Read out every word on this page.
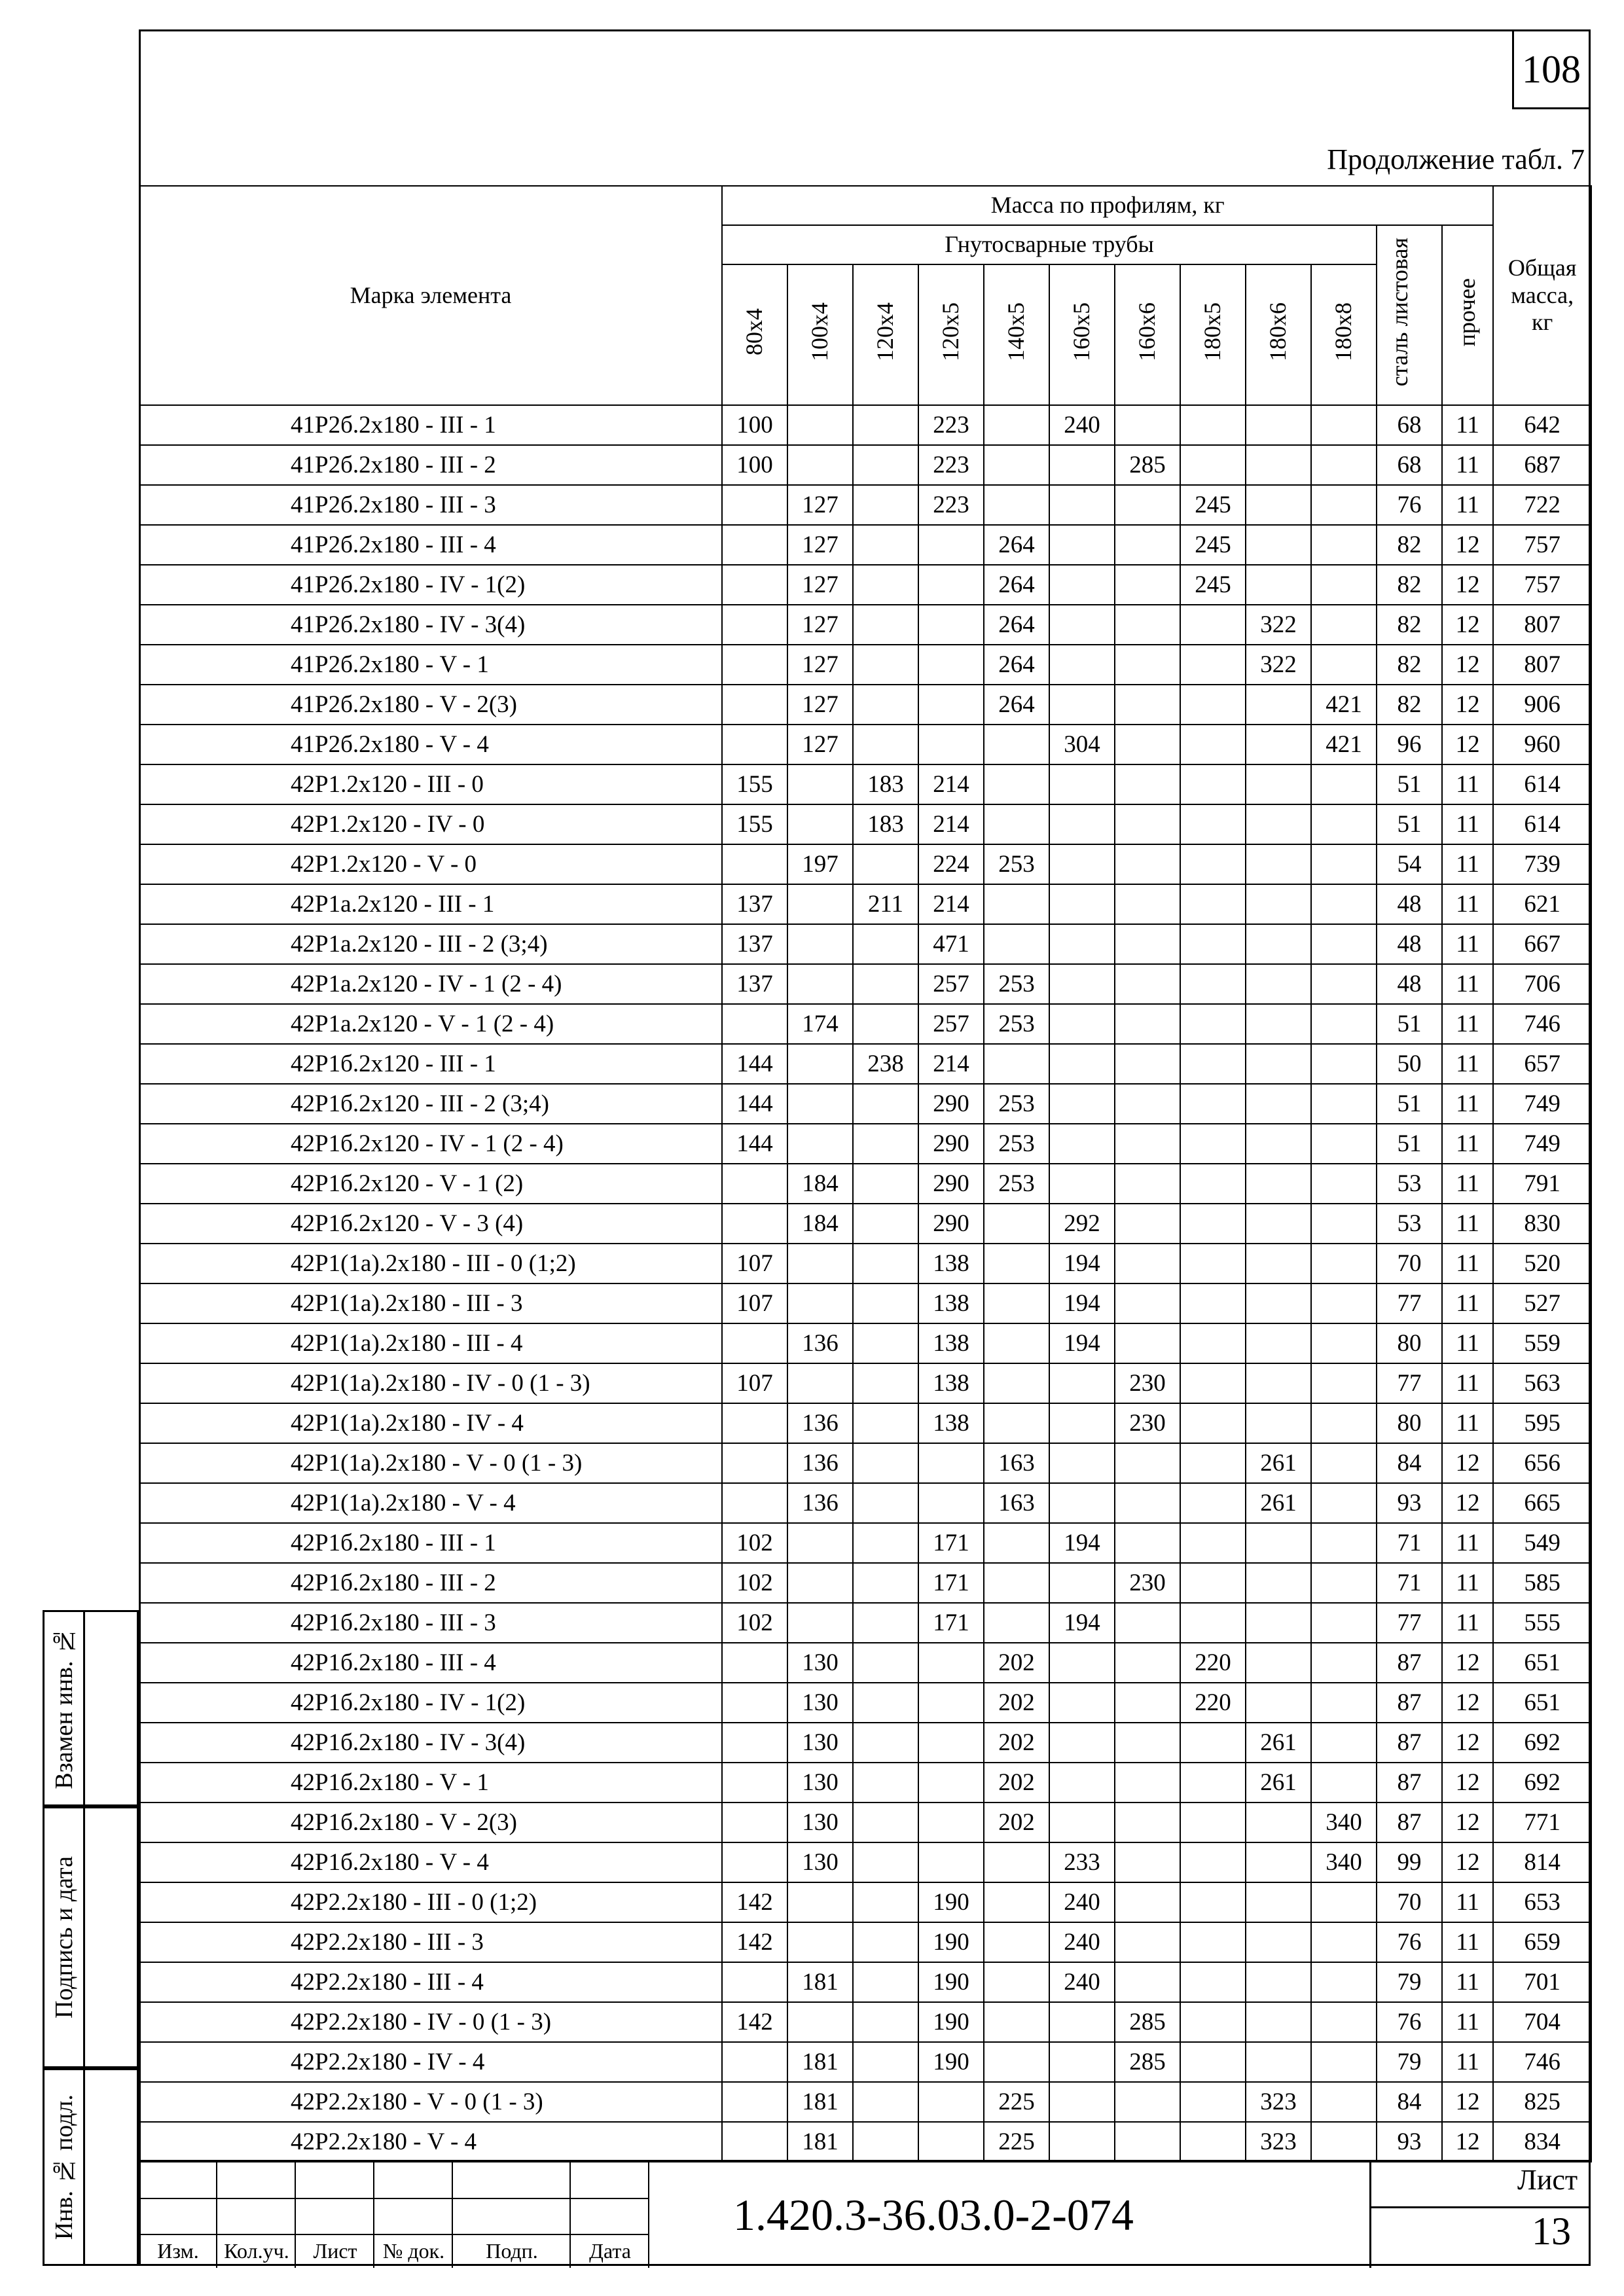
108
Продолжение табл. 7
Марка элемента	Масса по профилям, кг												Общая масса, кг
	Гнутосварные трубы										сталь листовая	прочее	
	80x4	100x4	120x4	120x5	140x5	160x5	160x6	180x5	180x6	180x8			
41Р2б.2х180 - III - 1	100			223		240					68	11	642
41Р2б.2х180 - III - 2	100			223			285				68	11	687
41Р2б.2х180 - III - 3		127		223				245			76	11	722
41Р2б.2х180 - III - 4		127			264			245			82	12	757
41Р2б.2х180 - IV - 1(2)		127			264			245			82	12	757
41Р2б.2х180 - IV - 3(4)		127			264				322		82	12	807
41Р2б.2х180 - V - 1		127			264				322		82	12	807
41Р2б.2х180 - V - 2(3)		127			264					421	82	12	906
41Р2б.2х180 - V - 4		127				304				421	96	12	960
42Р1.2х120 - III - 0	155		183	214							51	11	614
42Р1.2х120 - IV - 0	155		183	214							51	11	614
42Р1.2х120 - V - 0		197		224	253						54	11	739
42Р1а.2х120 - III - 1	137		211	214							48	11	621
42Р1а.2х120 - III - 2 (3;4)	137			471							48	11	667
42Р1а.2х120 - IV - 1 (2 - 4)	137			257	253						48	11	706
42Р1а.2х120 - V - 1 (2 - 4)		174		257	253						51	11	746
42Р1б.2х120 - III - 1	144		238	214							50	11	657
42Р1б.2х120 - III - 2 (3;4)	144			290	253						51	11	749
42Р1б.2х120 - IV - 1 (2 - 4)	144			290	253						51	11	749
42Р1б.2х120 - V - 1 (2)		184		290	253						53	11	791
42Р1б.2х120 - V - 3 (4)		184		290		292					53	11	830
42Р1(1а).2х180 - III - 0 (1;2)	107			138		194					70	11	520
42Р1(1а).2х180 - III - 3	107			138		194					77	11	527
42Р1(1а).2х180 - III - 4		136		138		194					80	11	559
42Р1(1а).2х180 - IV - 0 (1 - 3)	107			138			230				77	11	563
42Р1(1а).2х180 - IV - 4		136		138			230				80	11	595
42Р1(1а).2х180 - V - 0 (1 - 3)		136			163				261		84	12	656
42Р1(1а).2х180 - V - 4		136			163				261		93	12	665
42Р1б.2х180 - III - 1	102			171		194					71	11	549
42Р1б.2х180 - III - 2	102			171			230				71	11	585
42Р1б.2х180 - III - 3	102			171		194					77	11	555
42Р1б.2х180 - III - 4		130			202			220			87	12	651
42Р1б.2х180 - IV - 1(2)		130			202			220			87	12	651
42Р1б.2х180 - IV - 3(4)		130			202				261		87	12	692
42Р1б.2х180 - V - 1		130			202				261		87	12	692
42Р1б.2х180 - V - 2(3)		130			202					340	87	12	771
42Р1б.2х180 - V - 4		130				233				340	99	12	814
42Р2.2х180 - III - 0 (1;2)	142			190		240					70	11	653
42Р2.2х180 - III - 3	142			190		240					76	11	659
42Р2.2х180 - III - 4		181		190		240					79	11	701
42Р2.2х180 - IV - 0 (1 - 3)	142			190			285				76	11	704
42Р2.2х180 - IV - 4		181		190			285				79	11	746
42Р2.2х180 - V - 0 (1 - 3)		181			225				323		84	12	825
42Р2.2х180 - V - 4		181			225				323		93	12	834
Взамен инв. №
Подпись и дата
Инв. № подл.
Изм.	Кол.уч.	Лист	№ док.	Подп.	Дата
1.420.3-36.03.0-2-074
Лист
13
